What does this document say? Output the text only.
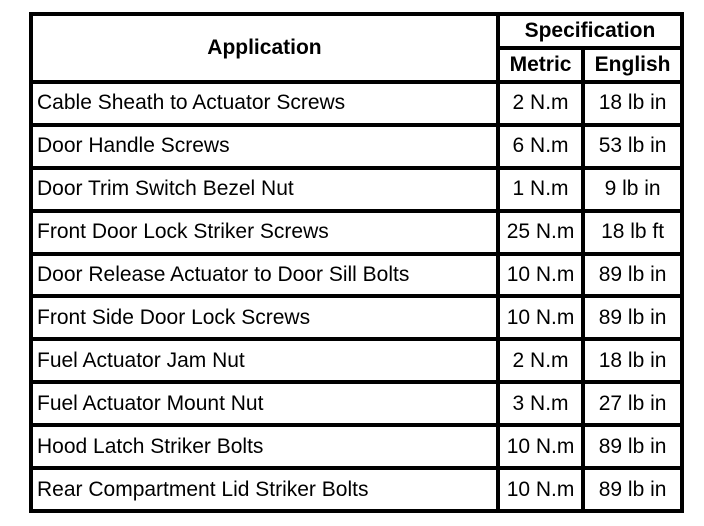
Application	Specification	
	Metric	English
Cable Sheath to Actuator Screws	2 N.m	18 lb in
Door Handle Screws	6 N.m	53 lb in
Door Trim Switch Bezel Nut	1 N.m	9 lb in
Front Door Lock Striker Screws	25 N.m	18 lb ft
Door Release Actuator to Door Sill Bolts	10 N.m	89 lb in
Front Side Door Lock Screws	10 N.m	89 lb in
Fuel Actuator Jam Nut	2 N.m	18 lb in
Fuel Actuator Mount Nut	3 N.m	27 lb in
Hood Latch Striker Bolts	10 N.m	89 lb in
Rear Compartment Lid Striker Bolts	10 N.m	89 lb in
